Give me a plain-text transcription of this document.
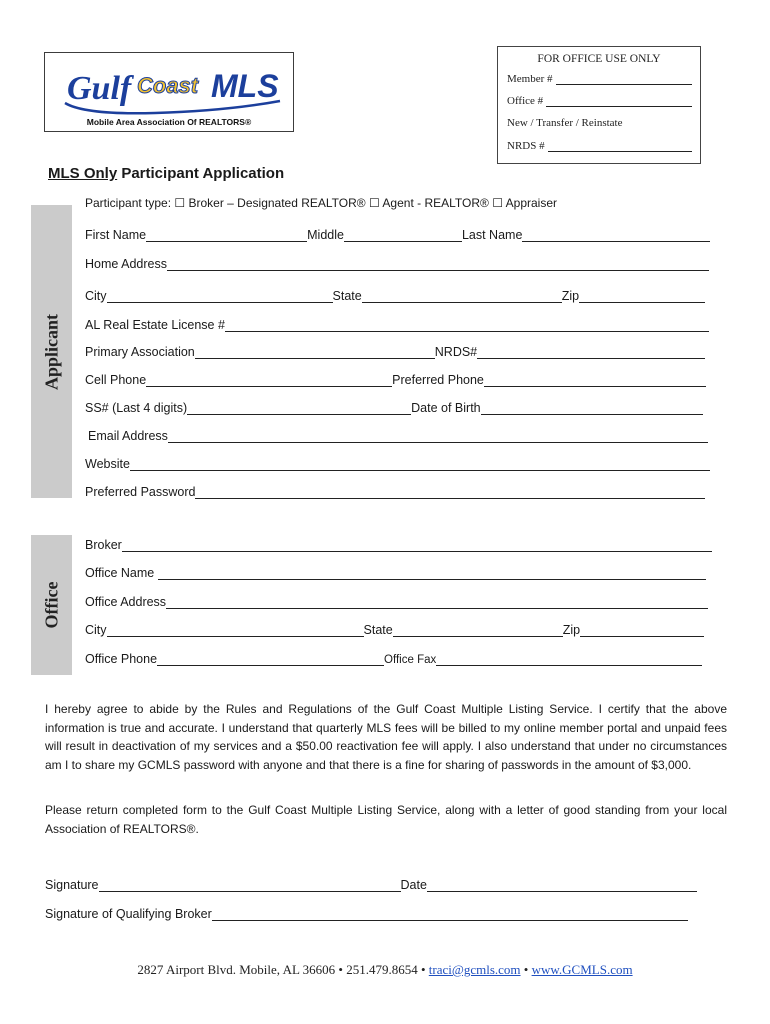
Gulf Coast MLS
Mobile Area Association Of REALTORS®
FOR OFFICE USE ONLY
Member #
Office #
New / Transfer / Reinstate
NRDS #
MLS Only Participant Application
Participant type: ☐ Broker – Designated REALTOR® ☐ Agent - REALTOR® ☐ Appraiser
Applicant
Office
First Name	Middle	Last Name
Home Address
City	State	Zip
AL Real Estate License #
Primary Association	NRDS#
Cell Phone	Preferred Phone
SS# (Last 4 digits)	Date of Birth
Email Address
Website
Preferred Password
Broker
Office Name
Office Address
City	State	Zip
Office Phone	Office Fax
I hereby agree to abide by the Rules and Regulations of the Gulf Coast Multiple Listing Service. I certify that the above information is true and accurate. I understand that quarterly MLS fees will be billed to my online member portal and unpaid fees will result in deactivation of my services and a $50.00 reactivation fee will apply. I also understand that under no circumstances am I to share my GCMLS password with anyone and that there is a fine for sharing of passwords in the amount of $3,000.
Please return completed form to the Gulf Coast Multiple Listing Service, along with a letter of good standing from your local Association of REALTORS®.
Signature	Date
Signature of Qualifying Broker
2827 Airport Blvd. Mobile, AL 36606 • 251.479.8654 • traci@gcmls.com • www.GCMLS.com
